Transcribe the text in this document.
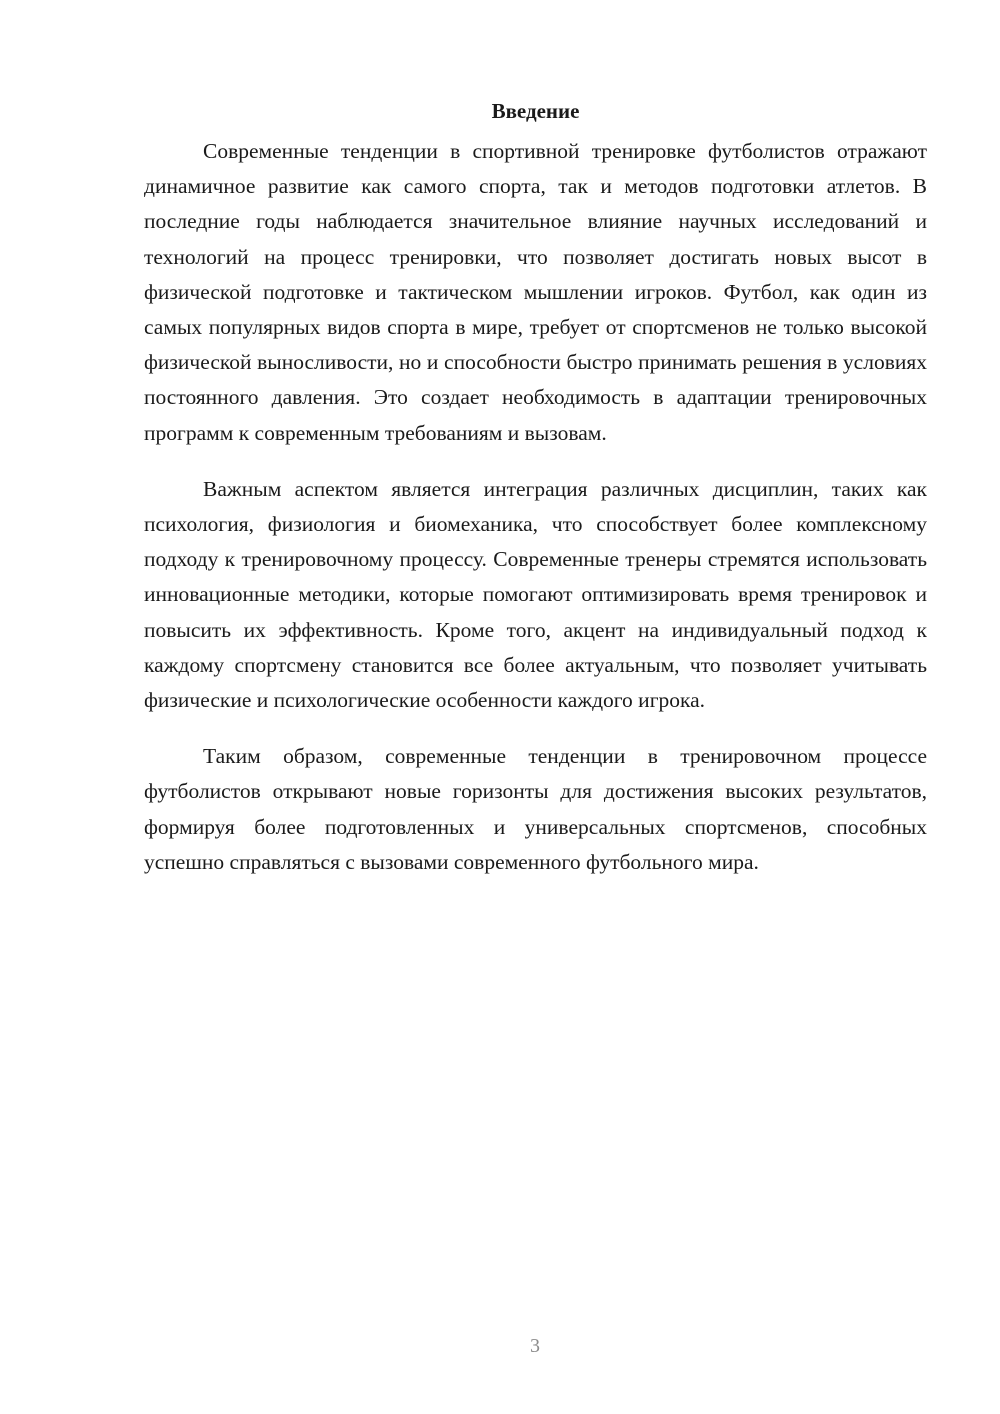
Введение

Современные тенденции в спортивной тренировке футболистов отражают динамичное развитие как самого спорта, так и методов подготовки атлетов. В последние годы наблюдается значительное влияние научных исследований и технологий на процесс тренировки, что позволяет достигать новых высот в физической подготовке и тактическом мышлении игроков. Футбол, как один из самых популярных видов спорта в мире, требует от спортсменов не только высокой физической выносливости, но и способности быстро принимать решения в условиях постоянного давления. Это создает необходимость в адаптации тренировочных программ к современным требованиям и вызовам.

Важным аспектом является интеграция различных дисциплин, таких как психология, физиология и биомеханика, что способствует более комплексному подходу к тренировочному процессу. Современные тренеры стремятся использовать инновационные методики, которые помогают оптимизировать время тренировок и повысить их эффективность. Кроме того, акцент на индивидуальный подход к каждому спортсмену становится все более актуальным, что позволяет учитывать физические и психологические особенности каждого игрока.

Таким образом, современные тенденции в тренировочном процессе футболистов открывают новые горизонты для достижения высоких результатов, формируя более подготовленных и универсальных спортсменов, способных успешно справляться с вызовами современного футбольного мира.

3
